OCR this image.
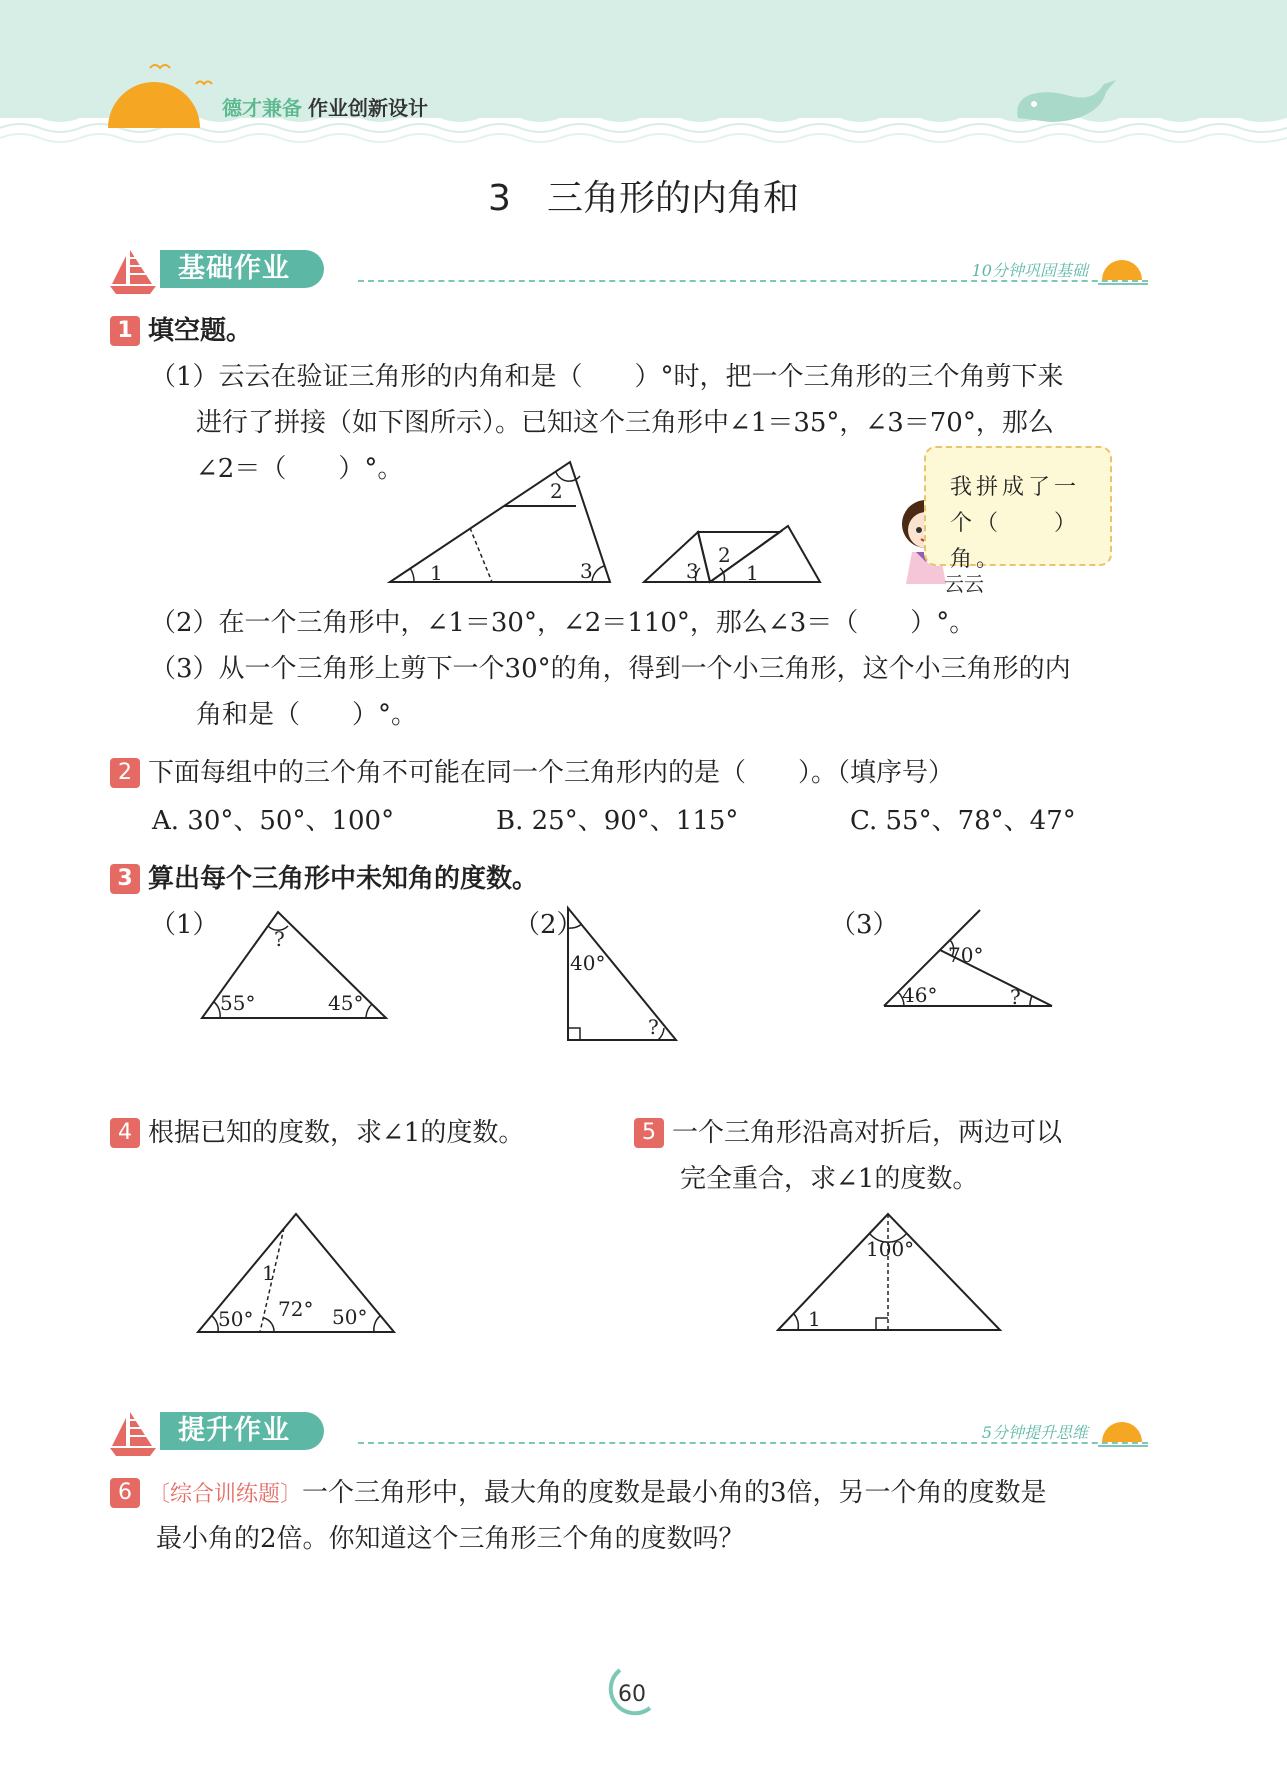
德才兼备 作业创新设计
3　三角形的内角和
基础作业	10分钟巩固基础
1 填空题。
（1）云云在验证三角形的内角和是（　　）°时，把一个三角形的三个角剪下来
进行了拼接（如下图所示）。已知这个三角形中∠1＝35°，∠3＝70°，那么
∠2＝（　　）°。
1
2
3	3
2
1
我拼成了一个（　　）角。
云云
（2）在一个三角形中，∠1＝30°，∠2＝110°，那么∠3＝（　　）°。
（3）从一个三角形上剪下一个30°的角，得到一个小三角形，这个小三角形的内
角和是（　　）°。
2 下面每组中的三个角不可能在同一个三角形内的是（　　）。（填序号）
A. 30°、50°、100°	B. 25°、90°、115°	C. 55°、78°、47°
3 算出每个三角形中未知角的度数。
（1）	（2）	（3）
?
55°	45°
40°
?
70°
46°	?
4 根据已知的度数，求∠1的度数。
1
50° 72° 50°
5 一个三角形沿高对折后，两边可以
完全重合，求∠1的度数。
100°
1
提升作业	5分钟提升思维
6 〔综合训练题〕一个三角形中，最大角的度数是最小角的3倍，另一个角的度数是
最小角的2倍。你知道这个三角形三个角的度数吗？
60
